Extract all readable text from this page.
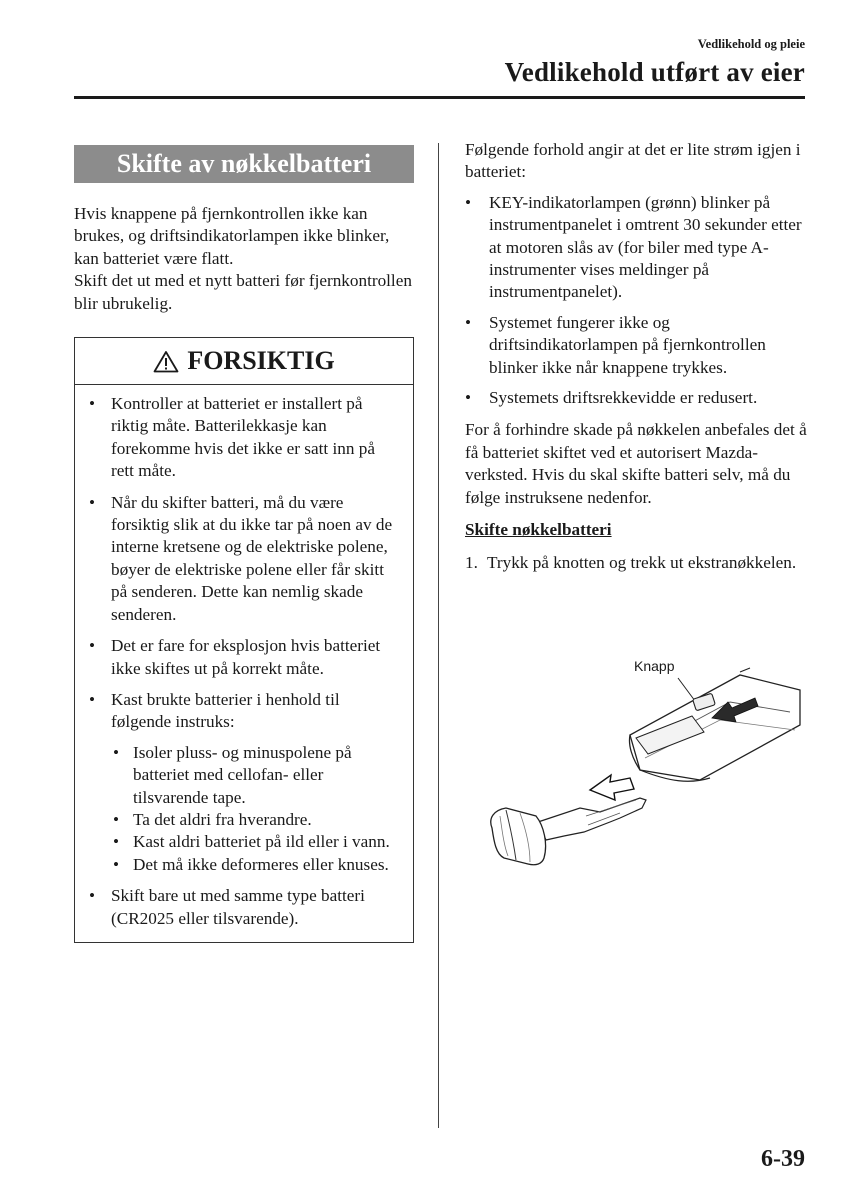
Vedlikehold og pleie
Vedlikehold utført av eier
Skifte av nøkkelbatteri

Hvis knappene på fjernkontrollen ikke kan brukes, og driftsindikatorlampen ikke blinker, kan batteriet være flatt.

Skift det ut med et nytt batteri før fjernkontrollen blir ubrukelig.

FORSIKTIG
• Kontroller at batteriet er installert på riktig måte. Batterilekkasje kan forekomme hvis det ikke er satt inn på rett måte.
• Når du skifter batteri, må du være forsiktig slik at du ikke tar på noen av de interne kretsene og de elektriske polene, bøyer de elektriske polene eller får skitt på senderen. Dette kan nemlig skade senderen.
• Det er fare for eksplosjon hvis batteriet ikke skiftes ut på korrekt måte.
• Kast brukte batterier i henhold til følgende instruks:
• Isoler pluss- og minuspolene på batteriet med cellofan- eller tilsvarende tape.
• Ta det aldri fra hverandre.
• Kast aldri batteriet på ild eller i vann.
• Det må ikke deformeres eller knuses.
• Skift bare ut med samme type batteri (CR2025 eller tilsvarende).

Følgende forhold angir at det er lite strøm igjen i batteriet:

• KEY-indikatorlampen (grønn) blinker på instrumentpanelet i omtrent 30 sekunder etter at motoren slås av (for biler med type A-instrumenter vises meldinger på instrumentpanelet).
• Systemet fungerer ikke og driftsindikatorlampen på fjernkontrollen blinker ikke når knappene trykkes.
• Systemets driftsrekkevidde er redusert.

For å forhindre skade på nøkkelen anbefales det å få batteriet skiftet ved et autorisert Mazda-verksted. Hvis du skal skifte batteri selv, må du følge instruksene nedenfor.

Skifte nøkkelbatteri
1. Trykk på knotten og trekk ut ekstranøkkelen.
Knapp
6-39
